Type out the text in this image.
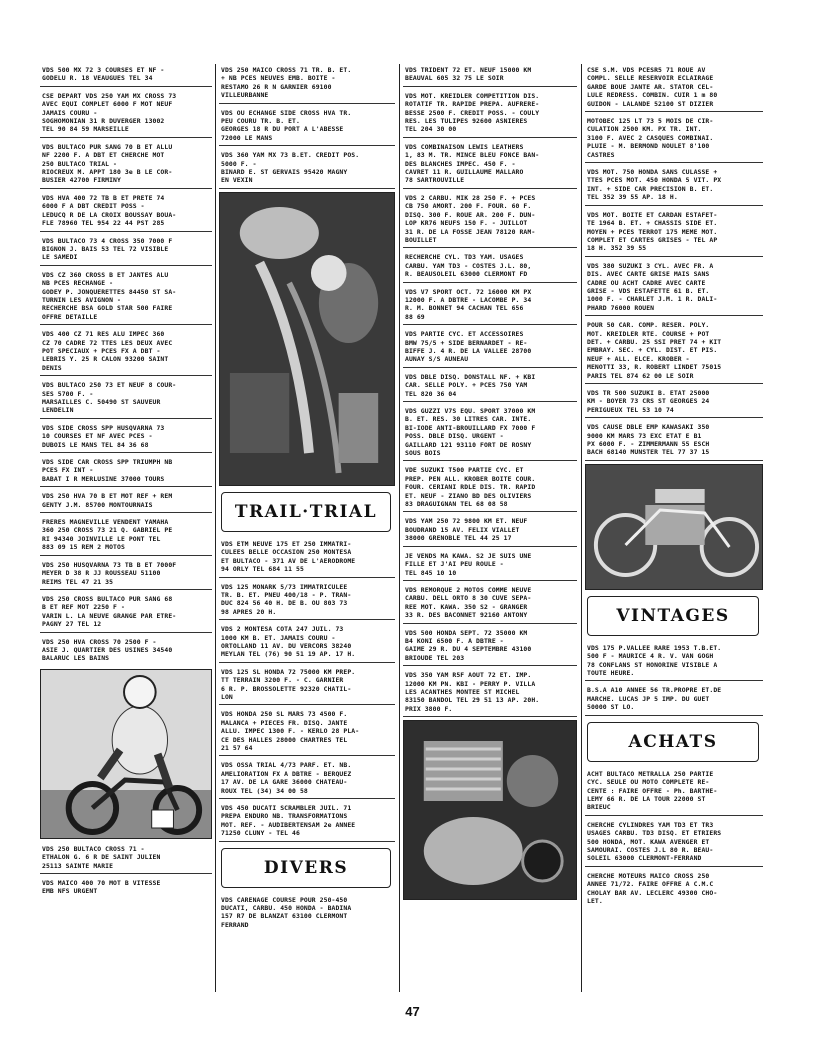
VDS 500 MX 72 3 COURSES ET NF -
GODELU R. 18 VEAUGUES TEL 34
CSE DEPART VDS 250 YAM MX CROSS 73
AVEC EQUI COMPLET 6000 F MOT NEUF
JAMAIS COURU -
SOGHOMONIAN 31 R DUVERGER 13002
TEL 90 84 59 MARSEILLE
VDS BULTACO PUR SANG 70 B ET ALLU
NF 2200 F. A DBT ET CHERCHE MOT
250 BULTACO TRIAL -
RIOCREUX M. APPT 180 3e B LE COR-
BUSIER 42700 FIRMINY
VDS HVA 400 72 TB B ET PRETE 74
6000 F A DBT CREDIT POSS -
LEDUCQ R DE LA CROIX BOUSSAY BOUA-
FLE 78960 TEL 954 22 44 PST 285
VDS BULTACO 73 4 CROSS 350 7000 F
BIGNON J. BAIS 53 TEL 72 VISIBLE
LE SAMEDI
VDS CZ 360 CROSS B ET JANTES ALU
NB PCES RECHANGE -
GODEY P. JONQUERETTES 84450 ST SA-
TURNIN LES AVIGNON -
RECHERCHE BSA GOLD STAR 500 FAIRE
OFFRE DETAILLE
VDS 400 CZ 71 RES ALU IMPEC 360
CZ 70 CADRE 72 TTES LES DEUX AVEC
POT SPECIAUX + PCES FX A DBT -
LEBRIS Y. 25 R CALON 93200 SAINT
DENIS
VDS BULTACO 250 73 ET NEUF 8 COUR-
SES 5700 F. -
MARSAILLES C. 50490 ST SAUVEUR
LENDELIN
VDS SIDE CROSS SPP HUSQVARNA 73
10 COURSES ET NF AVEC PCES -
DUBOIS LE MANS TEL 84 36 68
VDS SIDE CAR CROSS SPP TRIUMPH NB
PCES FX INT -
BABAT I R MERLUSINE 37000 TOURS
VDS 250 HVA 70 B ET MOT REF + REM
GENTY J.M. 85700 MONTOURNAIS
FRERES MAGNEVILLE VENDENT YAMAHA
360 250 CROSS 73 21 Q. GABRIEL PE
RI 94340 JOINVILLE LE PONT TEL
883 09 15 REM 2 MOTOS
VDS 250 HUSQVARNA 73 TB B ET 7000F
MEYER D 38 R JJ ROUSSEAU 51100
REIMS TEL 47 21 35
VDS 250 CROSS BULTACO PUR SANG 68
B ET REF MOT 2250 F -
VARIN L. LA NEUVE GRANGE PAR ETRE-
PAGNY 27 TEL 12
VDS 250 HVA CROSS 70 2500 F -
ASIE J. QUARTIER DES USINES 34540
BALARUC LES BAINS
VDS 250 BULTACO CROSS 71 -
ETHALON G. 6 R DE SAINT JULIEN
25113 SAINTE MARIE
VDS MAICO 400 70 MOT B VITESSE
EMB NFS URGENT
VDS 250 MAICO CROSS 71 TR. B. ET.
+ NB PCES NEUVES EMB. BOITE -
RESTAMO 26 R N GARNIER 69100
VILLEURBANNE
VDS OU ECHANGE SIDE CROSS HVA TR.
PEU COURU TR. B. ET.
GEORGES 18 R DU PORT A L'ABESSE
72000 LE MANS
VDS 360 YAM MX 73 B.ET. CREDIT POS.
5000 F. -
BINARD E. ST GERVAIS 95420 MAGNY
EN VEXIN
TRAIL·TRIAL
VDS ETM NEUVE 175 ET 250 IMMATRI-
CULEES BELLE OCCASION 250 MONTESA
ET BULTACO - 371 AV DE L'AERODROME
94 ORLY TEL 684 11 55
VDS 125 MONARK 5/73 IMMATRICULEE
TR. B. ET. PNEU 400/18 - P. TRAN-
DUC 824 56 40 H. DE B. OU 803 73
98 APRES 20 H.
VDS 2 MONTESA COTA 247 JUIL. 73
1000 KM B. ET. JAMAIS COURU -
ORTOLLAND 11 AV. DU VERCORS 38240
MEYLAN TEL (76) 90 51 19 AP. 17 H.
VDS 125 SL HONDA 72 75000 KM PREP.
TT TERRAIN 3200 F. - C. GARNIER
6 R. P. BROSSOLETTE 92320 CHATIL-
LON
VDS HONDA 250 SL MARS 73 4500 F.
MALANCA + PIECES FR. DISQ. JANTE
ALLU. IMPEC 1300 F. - KERLO 28 PLA-
CE DES HALLES 28000 CHARTRES TEL
21 57 64
VDS OSSA TRIAL 4/73 PARF. ET. NB.
AMELIORATION FX A DBTRE - BERQUEZ
17 AV. DE LA GARE 36000 CHATEAU-
ROUX TEL (34) 34 00 58
VDS 450 DUCATI SCRAMBLER JUIL. 71
PREPA ENDURO NB. TRANSFORMATIONS
MOT. REF. - AUDIBERTENSAM 2e ANNEE
71250 CLUNY - TEL 46
DIVERS
VDS CARENAGE COURSE POUR 250-450
DUCATI, CARBU. 450 HONDA - BADINA
157 R7 DE BLANZAT 63100 CLERMONT
FERRAND
VDS TRIDENT 72 ET. NEUF 15000 KM
BEAUVAL 605 32 75 LE SOIR
VDS MOT. KREIDLER COMPETITION DIS.
ROTATIF TR. RAPIDE PREPA. AUFRERE-
BESSE 2500 F. CREDIT POSS. - COULY
RES. LES TULIPES 92600 ASNIERES
TEL 204 30 00
VDS COMBINAISON LEWIS LEATHERS
1, 83 M. TR. MINCE BLEU FONCE BAN-
DES BLANCHES IMPEC. 450 F. -
CAVRET 11 R. GUILLAUME MALLARO
78 SARTROUVILLE
VDS 2 CARBU. MIK 28 250 F. + PCES
CB 750 AMORT. 200 F. FOUR. 60 F.
DISQ. 300 F. ROUE AR. 200 F. DUN-
LOP KR76 NEUFS 150 F. - JUILLOT
31 R. DE LA FOSSE JEAN 78120 RAM-
BOUILLET
RECHERCHE CYL. TD3 YAM. USAGES
CARBU. YAM TD3 - COSTES J.L. 80,
R. BEAUSOLEIL 63000 CLERMONT FD
VDS V7 SPORT OCT. 72 16000 KM PX
12000 F. A DBTRE - LACOMBE P. 34
R. M. BONNET 94 CACHAN TEL 656
88 69
VDS PARTIE CYC. ET ACCESSOIRES
BMW 75/5 + SIDE BERNARDET - RE-
BIFFE J. 4 R. DE LA VALLEE 28700
AUNAY S/S AUNEAU
VDS DBLE DISQ. DONSTALL NF. + KBI
CAR. SELLE POLY. + PCES 750 YAM
TEL 820 36 04
VDS GUZZI V7S EQU. SPORT 37000 KM
B. ET. RES. 30 LITRES CAR. INTE.
BI-IODE ANTI-BROUILLARD FX 7000 F
POSS. DBLE DISQ. URGENT -
GAILLARD 121 93110 FORT DE ROSNY
SOUS BOIS
VDE SUZUKI T500 PARTIE CYC. ET
PREP. PEN ALL. KROBER BOITE COUR.
FOUR. CERIANI RDLE DIS. TR. RAPID
ET. NEUF - ZIANO BD DES OLIVIERS
83 DRAGUIGNAN TEL 68 08 58
VDS YAM 250 72 9800 KM ET. NEUF
BOUDRAND 15 AV. FELIX VIALLET
38000 GRENOBLE TEL 44 25 17
JE VENDS MA KAWA. S2 JE SUIS UNE
FILLE ET J'AI PEU ROULE -
TEL 845 10 10
VDS REMORQUE 2 MOTOS COMME NEUVE
CARBU. DELL ORTO 8 30 CUVE SEPA-
REE MOT. KAWA. 350 S2 - GRANGER
33 R. DES BACONNET 92160 ANTONY
VDS 500 HONDA SEPT. 72 35000 KM
B4 KONI 6500 F. A DBTRE -
GAIME 29 R. DU 4 SEPTEMBRE 43100
BRIOUDE TEL 203
VDS 350 YAM R5F AOUT 72 ET. IMP.
12000 KM PN. KBI - PERRY P. VILLA
LES ACANTHES MONTEE ST MICHEL
83150 BANDOL TEL 29 51 13 AP. 20H.
PRIX 3800 F.
CSE S.M. VDS PCESR5 71 ROUE AV
COMPL. SELLE RESERVOIR ECLAIRAGE
GARDE BOUE JANTE AR. STATOR CEL-
LULE REDRESS. COMBIN. CUIR 1 m 80
GUIDON - LALANDE 52100 ST DIZIER
MOTOBEC 125 LT 73 5 MOIS DE CIR-
CULATION 2500 KM. PX TR. INT.
3100 F. AVEC 2 CASQUES COMBINAI.
PLUIE - M. BERMOND NOULET 8'100
CASTRES
VDS MOT. 750 HONDA SANS CULASSE +
TTES PCES MOT. 450 HONDA 5 VIT. PX
INT. + SIDE CAR PRECISION B. ET.
TEL 352 39 55 AP. 18 H.
VDS MOT. BOITE ET CARDAN ESTAFET-
TE 1964 B. ET. + CHASSIS SIDE ET.
MOYEN + PCES TERROT 175 MEME MOT.
COMPLET ET CARTES GRISES - TEL AP
18 H. 352 39 55
VDS 380 SUZUKI 3 CYL. AVEC FR. A
DIS. AVEC CARTE GRISE MAIS SANS
CADRE OU ACHT CADRE AVEC CARTE
GRISE - VDS ESTAFETTE 61 B. ET.
1000 F. - CHARLET J.M. 1 R. DALI-
PHARD 76000 ROUEN
POUR 50 CAR. COMP. RESER. POLY.
MOT. KREIDLER RTE. COURSE + POT
DET. + CARBU. 25 SSI PRET 74 + KIT
EMBRAY. SEC. + CYL. DIST. ET PIS.
NEUF + ALL. ELCE. KROBER -
MENOTTI 33, R. ROBERT LINDET 75015
PARIS TEL 874 62 00 LE SOIR
VDS TR 500 SUZUKI B. ETAT 25000
KM - BOYER 73 CRS ST GEORGES 24
PERIGUEUX TEL 53 10 74
VDS CAUSE DBLE EMP KAWASAKI 350
9000 KM MARS 73 EXC ETAT E B1
PX 6000 F. - ZIMMERMANN 55 ESCH
BACH 68140 MUNSTER TEL 77 37 15
VINTAGES
VDS 175 P.VALLEE RARE 1953 T.B.ET.
500 F - MAURICE 4 R. V. VAN GOGH
78 CONFLANS ST HONORINE VISIBLE A
TOUTE HEURE.
B.S.A A10 ANNEE 56 TR.PROPRE ET.DE
MARCHE. LUCAS JP 5 IMP. DU GUET
50000 ST LO.
ACHATS
ACHT BULTACO METRALLA 250 PARTIE
CYC. SEULE OU MOTO COMPLETE RE-
CENTE : FAIRE OFFRE - Ph. BARTHE-
LEMY 66 R. DE LA TOUR 22000 ST
BRIEUC
CHERCHE CYLINDRES YAM TD3 ET TR3
USAGES CARBU. TD3 DISQ. ET ETRIERS
500 HONDA, MOT. KAWA AVENGER ET
SAMOURAI. COSTES J.L 80 R. BEAU-
SOLEIL 63000 CLERMONT-FERRAND
CHERCHE MOTEURS MAICO CROSS 250
ANNEE 71/72. FAIRE OFFRE A C.M.C
CHOLAY BAR AV. LECLERC 49300 CHO-
LET.
47
